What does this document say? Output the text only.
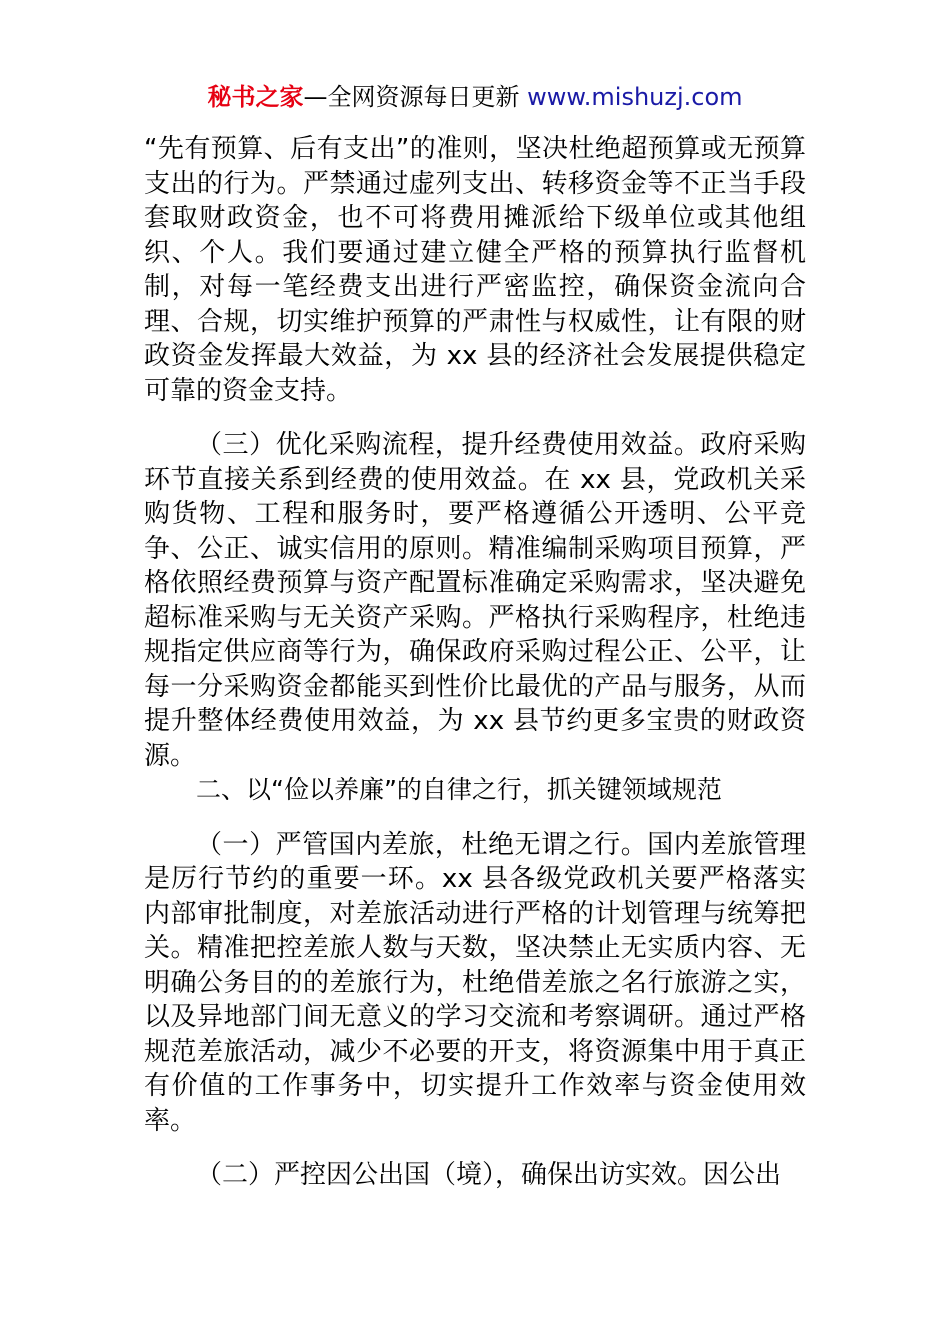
秘书之家—全网资源每日更新 www.mishuzj.com

“先有预算、后有支出”的准则，坚决杜绝超预算或无预算支出的行为。严禁通过虚列支出、转移资金等不正当手段套取财政资金，也不可将费用摊派给下级单位或其他组织、个人。我们要通过建立健全严格的预算执行监督机制，对每一笔经费支出进行严密监控，确保资金流向合理、合规，切实维护预算的严肃性与权威性，让有限的财政资金发挥最大效益，为 xx 县的经济社会发展提供稳定可靠的资金支持。

（三）优化采购流程，提升经费使用效益。政府采购环节直接关系到经费的使用效益。在 xx 县，党政机关采购货物、工程和服务时，要严格遵循公开透明、公平竞争、公正、诚实信用的原则。精准编制采购项目预算，严格依照经费预算与资产配置标准确定采购需求，坚决避免超标准采购与无关资产采购。严格执行采购程序，杜绝违规指定供应商等行为，确保政府采购过程公正、公平，让每一分采购资金都能买到性价比最优的产品与服务，从而提升整体经费使用效益，为 xx 县节约更多宝贵的财政资源。

二、以“俭以养廉”的自律之行，抓关键领域规范

（一）严管国内差旅，杜绝无谓之行。国内差旅管理是厉行节约的重要一环。xx 县各级党政机关要严格落实内部审批制度，对差旅活动进行严格的计划管理与统筹把关。精准把控差旅人数与天数，坚决禁止无实质内容、无明确公务目的的差旅行为，杜绝借差旅之名行旅游之实，以及异地部门间无意义的学习交流和考察调研。通过严格规范差旅活动，减少不必要的开支，将资源集中用于真正有价值的工作事务中，切实提升工作效率与资金使用效率。

（二）严控因公出国（境），确保出访实效。因公出
